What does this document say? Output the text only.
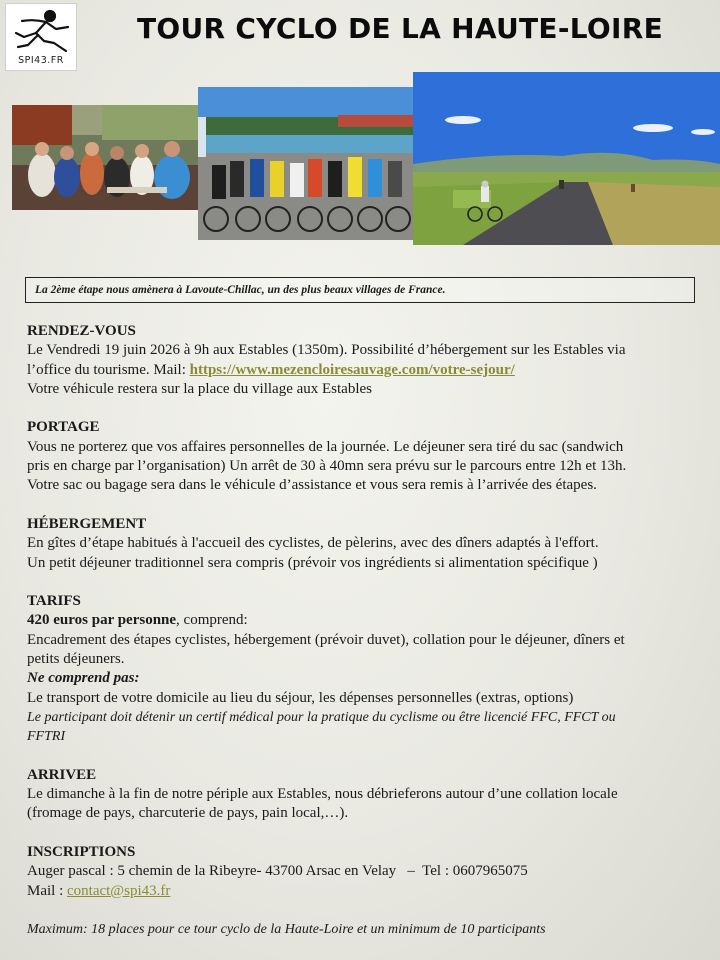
SPI43.FR
TOUR CYCLO DE LA HAUTE-LOIRE
La 2ème étape nous amènera à Lavoute-Chillac, un des plus beaux villages de France.
RENDEZ-VOUS
Le Vendredi 19 juin 2026 à 9h aux Estables (1350m). Possibilité d’hébergement sur les Estables via
l’office du tourisme. Mail: https://www.mezencloiresauvage.com/votre-sejour/
Votre véhicule restera sur la place du village aux Estables
PORTAGE
Vous ne porterez que vos affaires personnelles de la journée. Le déjeuner sera tiré du sac (sandwich
pris en charge par l’organisation) Un arrêt de 30 à 40mn sera prévu sur le parcours entre 12h et 13h.
Votre sac ou bagage sera dans le véhicule d’assistance et vous sera remis à l’arrivée des étapes.
HÉBERGEMENT
En gîtes d’étape habitués à l'accueil des cyclistes, de pèlerins, avec des dîners adaptés à l'effort.
Un petit déjeuner traditionnel sera compris (prévoir vos ingrédients si alimentation spécifique )
TARIFS
420 euros par personne, comprend:
Encadrement des étapes cyclistes, hébergement (prévoir duvet), collation pour le déjeuner, dîners et
petits déjeuners.
Ne comprend pas:
Le transport de votre domicile au lieu du séjour, les dépenses personnelles (extras, options)
Le participant doit détenir un certif médical pour la pratique du cyclisme ou être licencié FFC, FFCT ou
FFTRI
ARRIVEE
Le dimanche à la fin de notre périple aux Estables, nous débrieferons autour d’une collation locale
(fromage de pays, charcuterie de pays, pain local,…).
INSCRIPTIONS
Auger pascal : 5 chemin de la Ribeyre- 43700 Arsac en Velay   –  Tel : 0607965075
Mail : contact@spi43.fr
Maximum: 18 places pour ce tour cyclo de la Haute-Loire et un minimum de 10 participants
